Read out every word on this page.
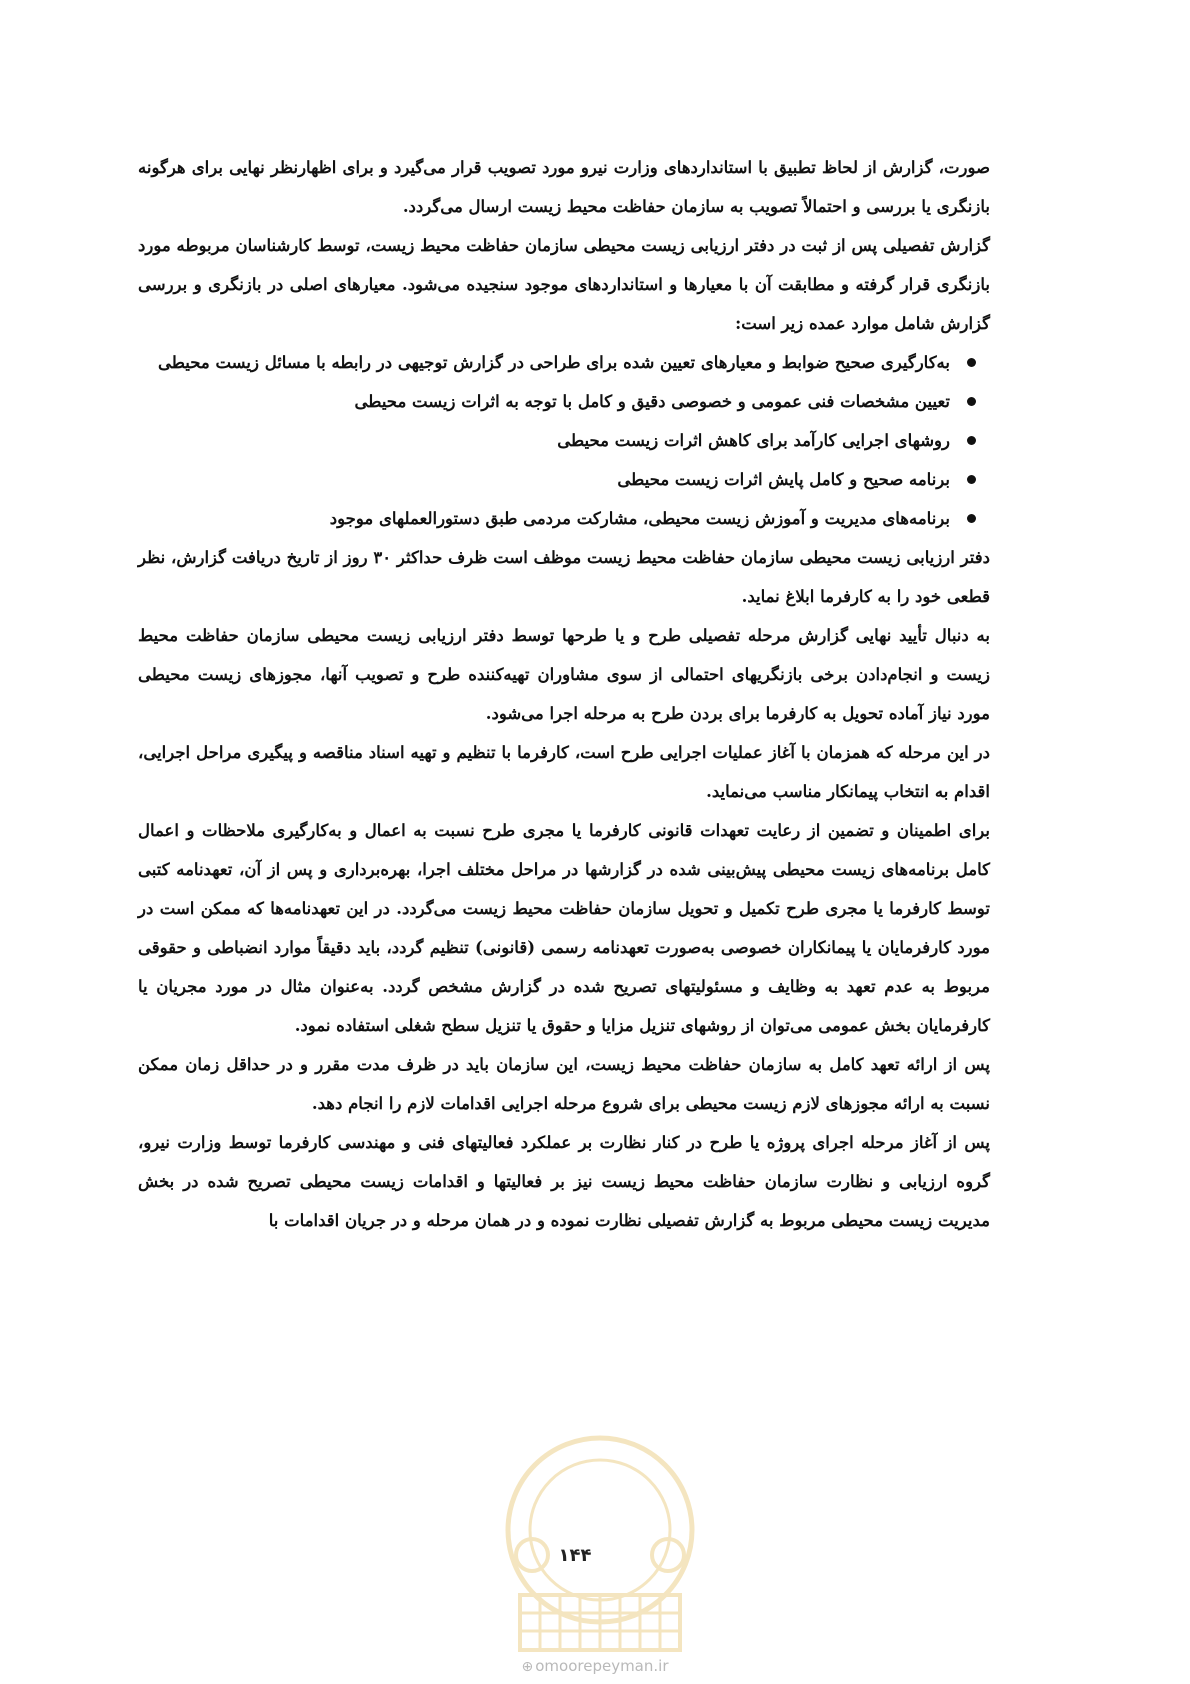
صورت، گزارش از لحاظ تطبیق با استانداردهای وزارت نیرو مورد تصویب قرار می‌گیرد و برای اظهارنظر نهایی برای هرگونه بازنگری یا بررسی و احتمالاً تصویب به سازمان حفاظت محیط زیست ارسال می‌گردد.

گزارش تفصیلی پس از ثبت در دفتر ارزیابی زیست محیطی سازمان حفاظت محیط زیست، توسط کارشناسان مربوطه مورد بازنگری قرار گرفته و مطابقت آن با معیارها و استانداردهای موجود سنجیده می‌شود. معیارهای اصلی در بازنگری و بررسی گزارش شامل موارد عمده زیر است:

به‌کارگیری صحیح ضوابط و معیارهای تعیین شده برای طراحی در گزارش توجیهی در رابطه با مسائل زیست محیطی
تعیین مشخصات فنی عمومی و خصوصی دقیق و کامل با توجه به اثرات زیست محیطی
روشهای اجرایی کارآمد برای کاهش اثرات زیست محیطی
برنامه صحیح و کامل پایش اثرات زیست محیطی
برنامه‌های مدیریت و آموزش زیست محیطی، مشارکت مردمی طبق دستورالعملهای موجود

دفتر ارزیابی زیست محیطی سازمان حفاظت محیط زیست موظف است ظرف حداکثر ۳۰ روز از تاریخ دریافت گزارش، نظر قطعی خود را به کارفرما ابلاغ نماید.

به دنبال تأیید نهایی گزارش مرحله تفصیلی طرح و یا طرحها توسط دفتر ارزیابی زیست محیطی سازمان حفاظت محیط زیست و انجام‌دادن برخی بازنگریهای احتمالی از سوی مشاوران تهیه‌کننده طرح و تصویب آنها، مجوزهای زیست محیطی مورد نیاز آماده تحویل به کارفرما برای بردن طرح به مرحله اجرا می‌شود.

در این مرحله که همزمان با آغاز عملیات اجرایی طرح است، کارفرما با تنظیم و تهیه اسناد مناقصه و پیگیری مراحل اجرایی، اقدام به انتخاب پیمانکار مناسب می‌نماید.

برای اطمینان و تضمین از رعایت تعهدات قانونی کارفرما یا مجری طرح نسبت به اعمال و به‌کارگیری ملاحظات و اعمال کامل برنامه‌های زیست محیطی پیش‌بینی شده در گزارشها در مراحل مختلف اجرا، بهره‌برداری و پس از آن، تعهدنامه کتبی توسط کارفرما یا مجری طرح تکمیل و تحویل سازمان حفاظت محیط زیست می‌گردد. در این تعهدنامه‌ها که ممکن است در مورد کارفرمایان یا پیمانکاران خصوصی به‌صورت تعهدنامه رسمی (قانونی) تنظیم گردد، باید دقیقاً موارد انضباطی و حقوقی مربوط به عدم تعهد به وظایف و مسئولیتهای تصریح شده در گزارش مشخص گردد. به‌عنوان مثال در مورد مجریان یا کارفرمایان بخش عمومی می‌توان از روشهای تنزیل مزایا و حقوق یا تنزیل سطح شغلی استفاده نمود.

پس از ارائه تعهد کامل به سازمان حفاظت محیط زیست، این سازمان باید در ظرف مدت مقرر و در حداقل زمان ممکن نسبت به ارائه مجوزهای لازم زیست محیطی برای شروع مرحله اجرایی اقدامات لازم را انجام دهد.

پس از آغاز مرحله اجرای پروژه یا طرح در کنار نظارت بر عملکرد فعالیتهای فنی و مهندسی کارفرما توسط وزارت نیرو، گروه ارزیابی و نظارت سازمان حفاظت محیط زیست نیز بر فعالیتها و اقدامات زیست محیطی تصریح شده در بخش مدیریت زیست محیطی مربوط به گزارش تفصیلی نظارت نموده و در همان مرحله و در جریان اقدامات با

۱۴۴
⊕ omoorepeyman.ir
